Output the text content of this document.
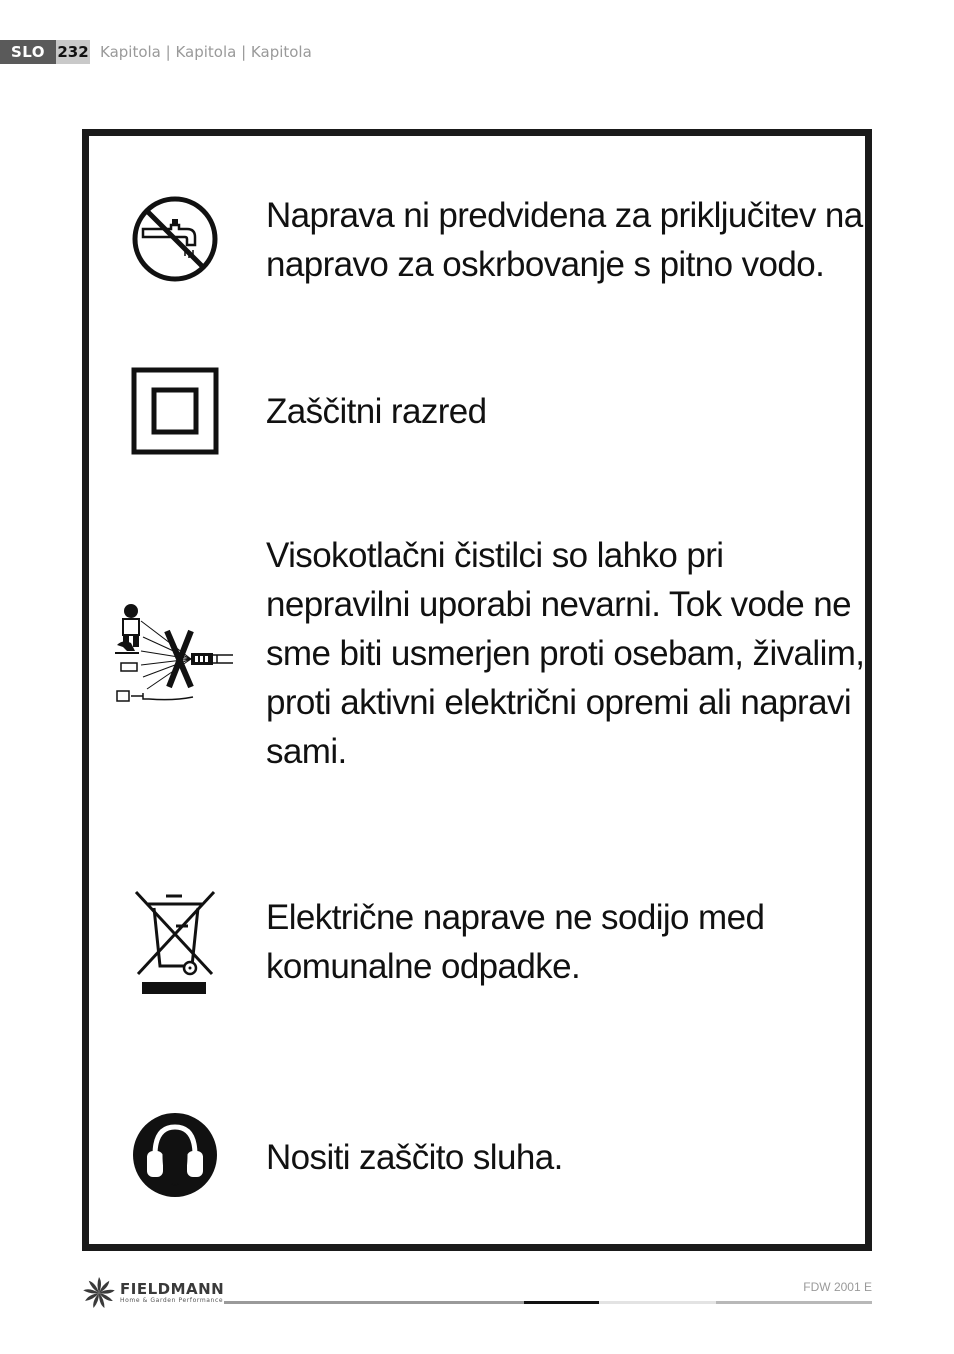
SLO 232 Kapitola | Kapitola | Kapitola
Naprava ni predvidena za priključitev na napravo za oskrbovanje s pitno vodo.
Zaščitni razred
Visokotlačni čistilci so lahko pri nepravilni uporabi nevarni. Tok vode ne sme biti usmerjen proti osebam, živalim, proti aktivni električni opremi ali napravi sami.
Električne naprave ne sodijo med komunalne odpadke.
Nositi zaščito sluha.
FIELDMANN
Home & Garden Performance
FDW 2001 E
